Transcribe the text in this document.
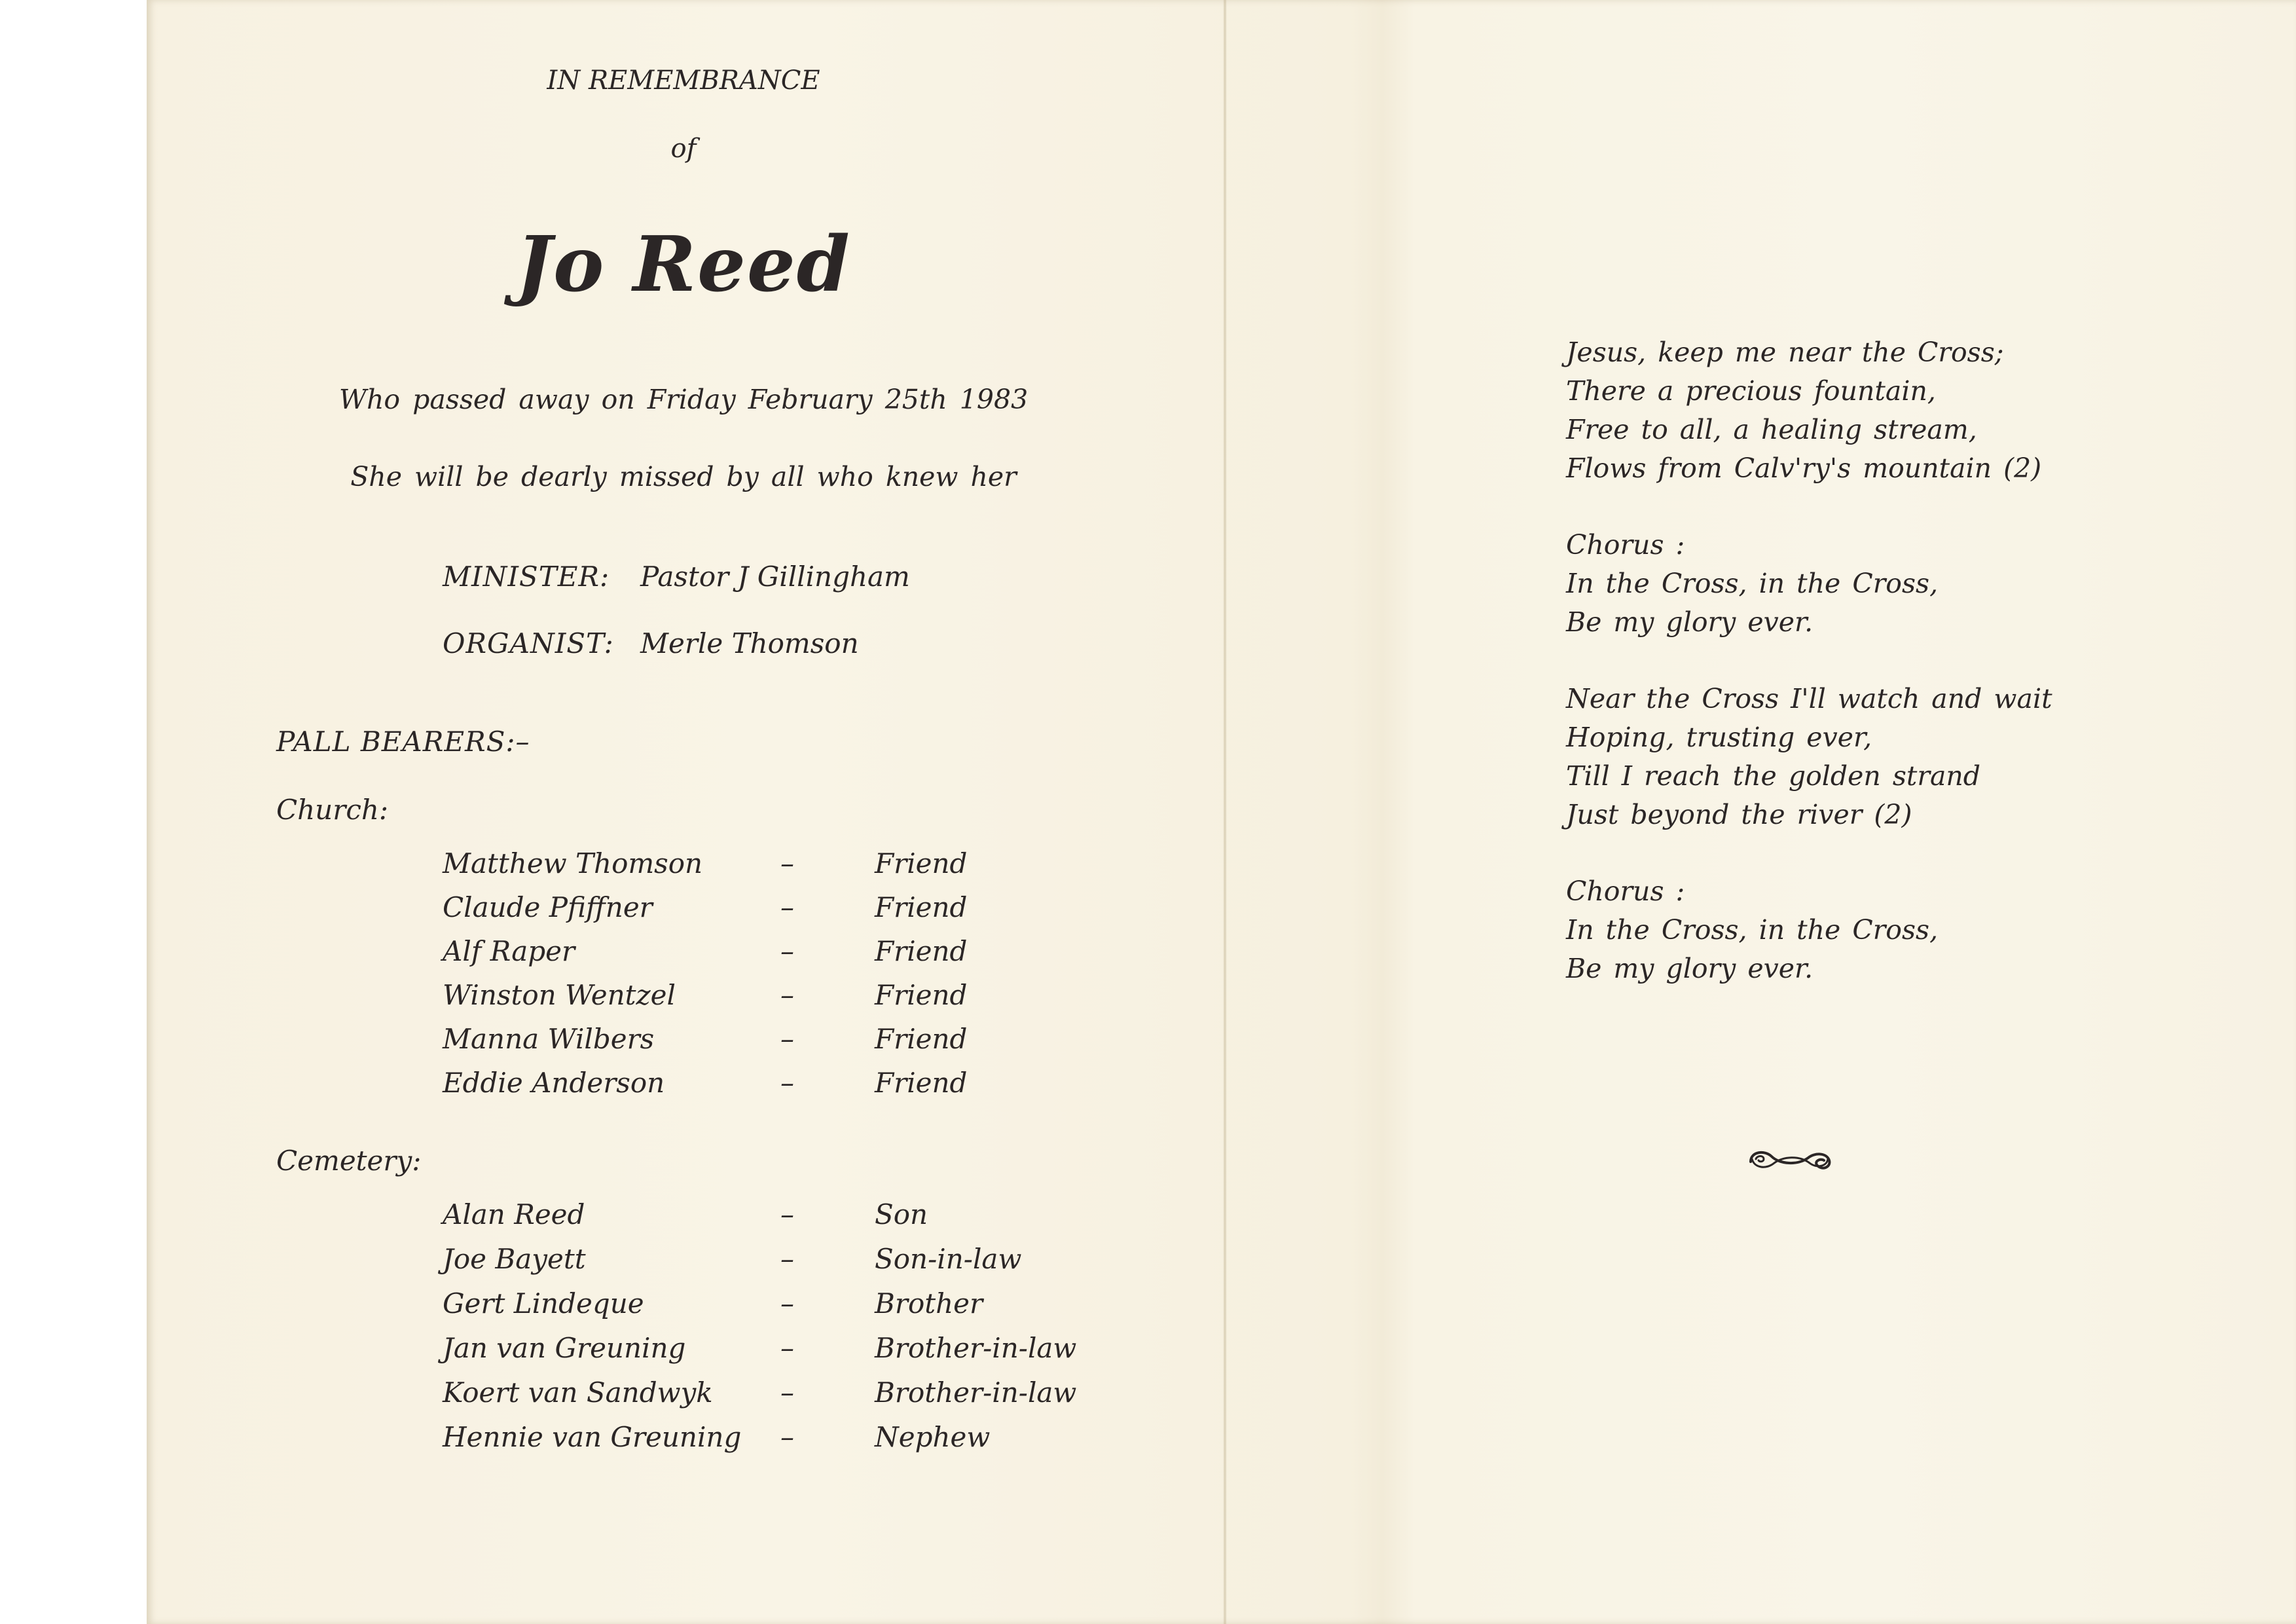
IN REMEMBRANCE
of
Jo Reed
Who passed away on Friday February 25th 1983
She will be dearly missed by all who knew her
MINISTER: Pastor J Gillingham
ORGANIST: Merle Thomson
PALL BEARERS:–
Church:
Matthew Thomson	–	Friend
Claude Pfiffner	–	Friend
Alf Raper	–	Friend
Winston Wentzel	–	Friend
Manna Wilbers	–	Friend
Eddie Anderson	–	Friend
Cemetery:
Alan Reed	–	Son
Joe Bayett	–	Son-in-law
Gert Lindeque	–	Brother
Jan van Greuning	–	Brother-in-law
Koert van Sandwyk –	Brother-in-law
Hennie van Greuning –	Nephew
Jesus, keep me near the Cross;
There a precious fountain,
Free to all, a healing stream,
Flows from Calv'ry's mountain (2)
Chorus :
In the Cross, in the Cross,
Be my glory ever.
Near the Cross I'll watch and wait
Hoping, trusting ever,
Till I reach the golden strand
Just beyond the river (2)
Chorus :
In the Cross, in the Cross,
Be my glory ever.
